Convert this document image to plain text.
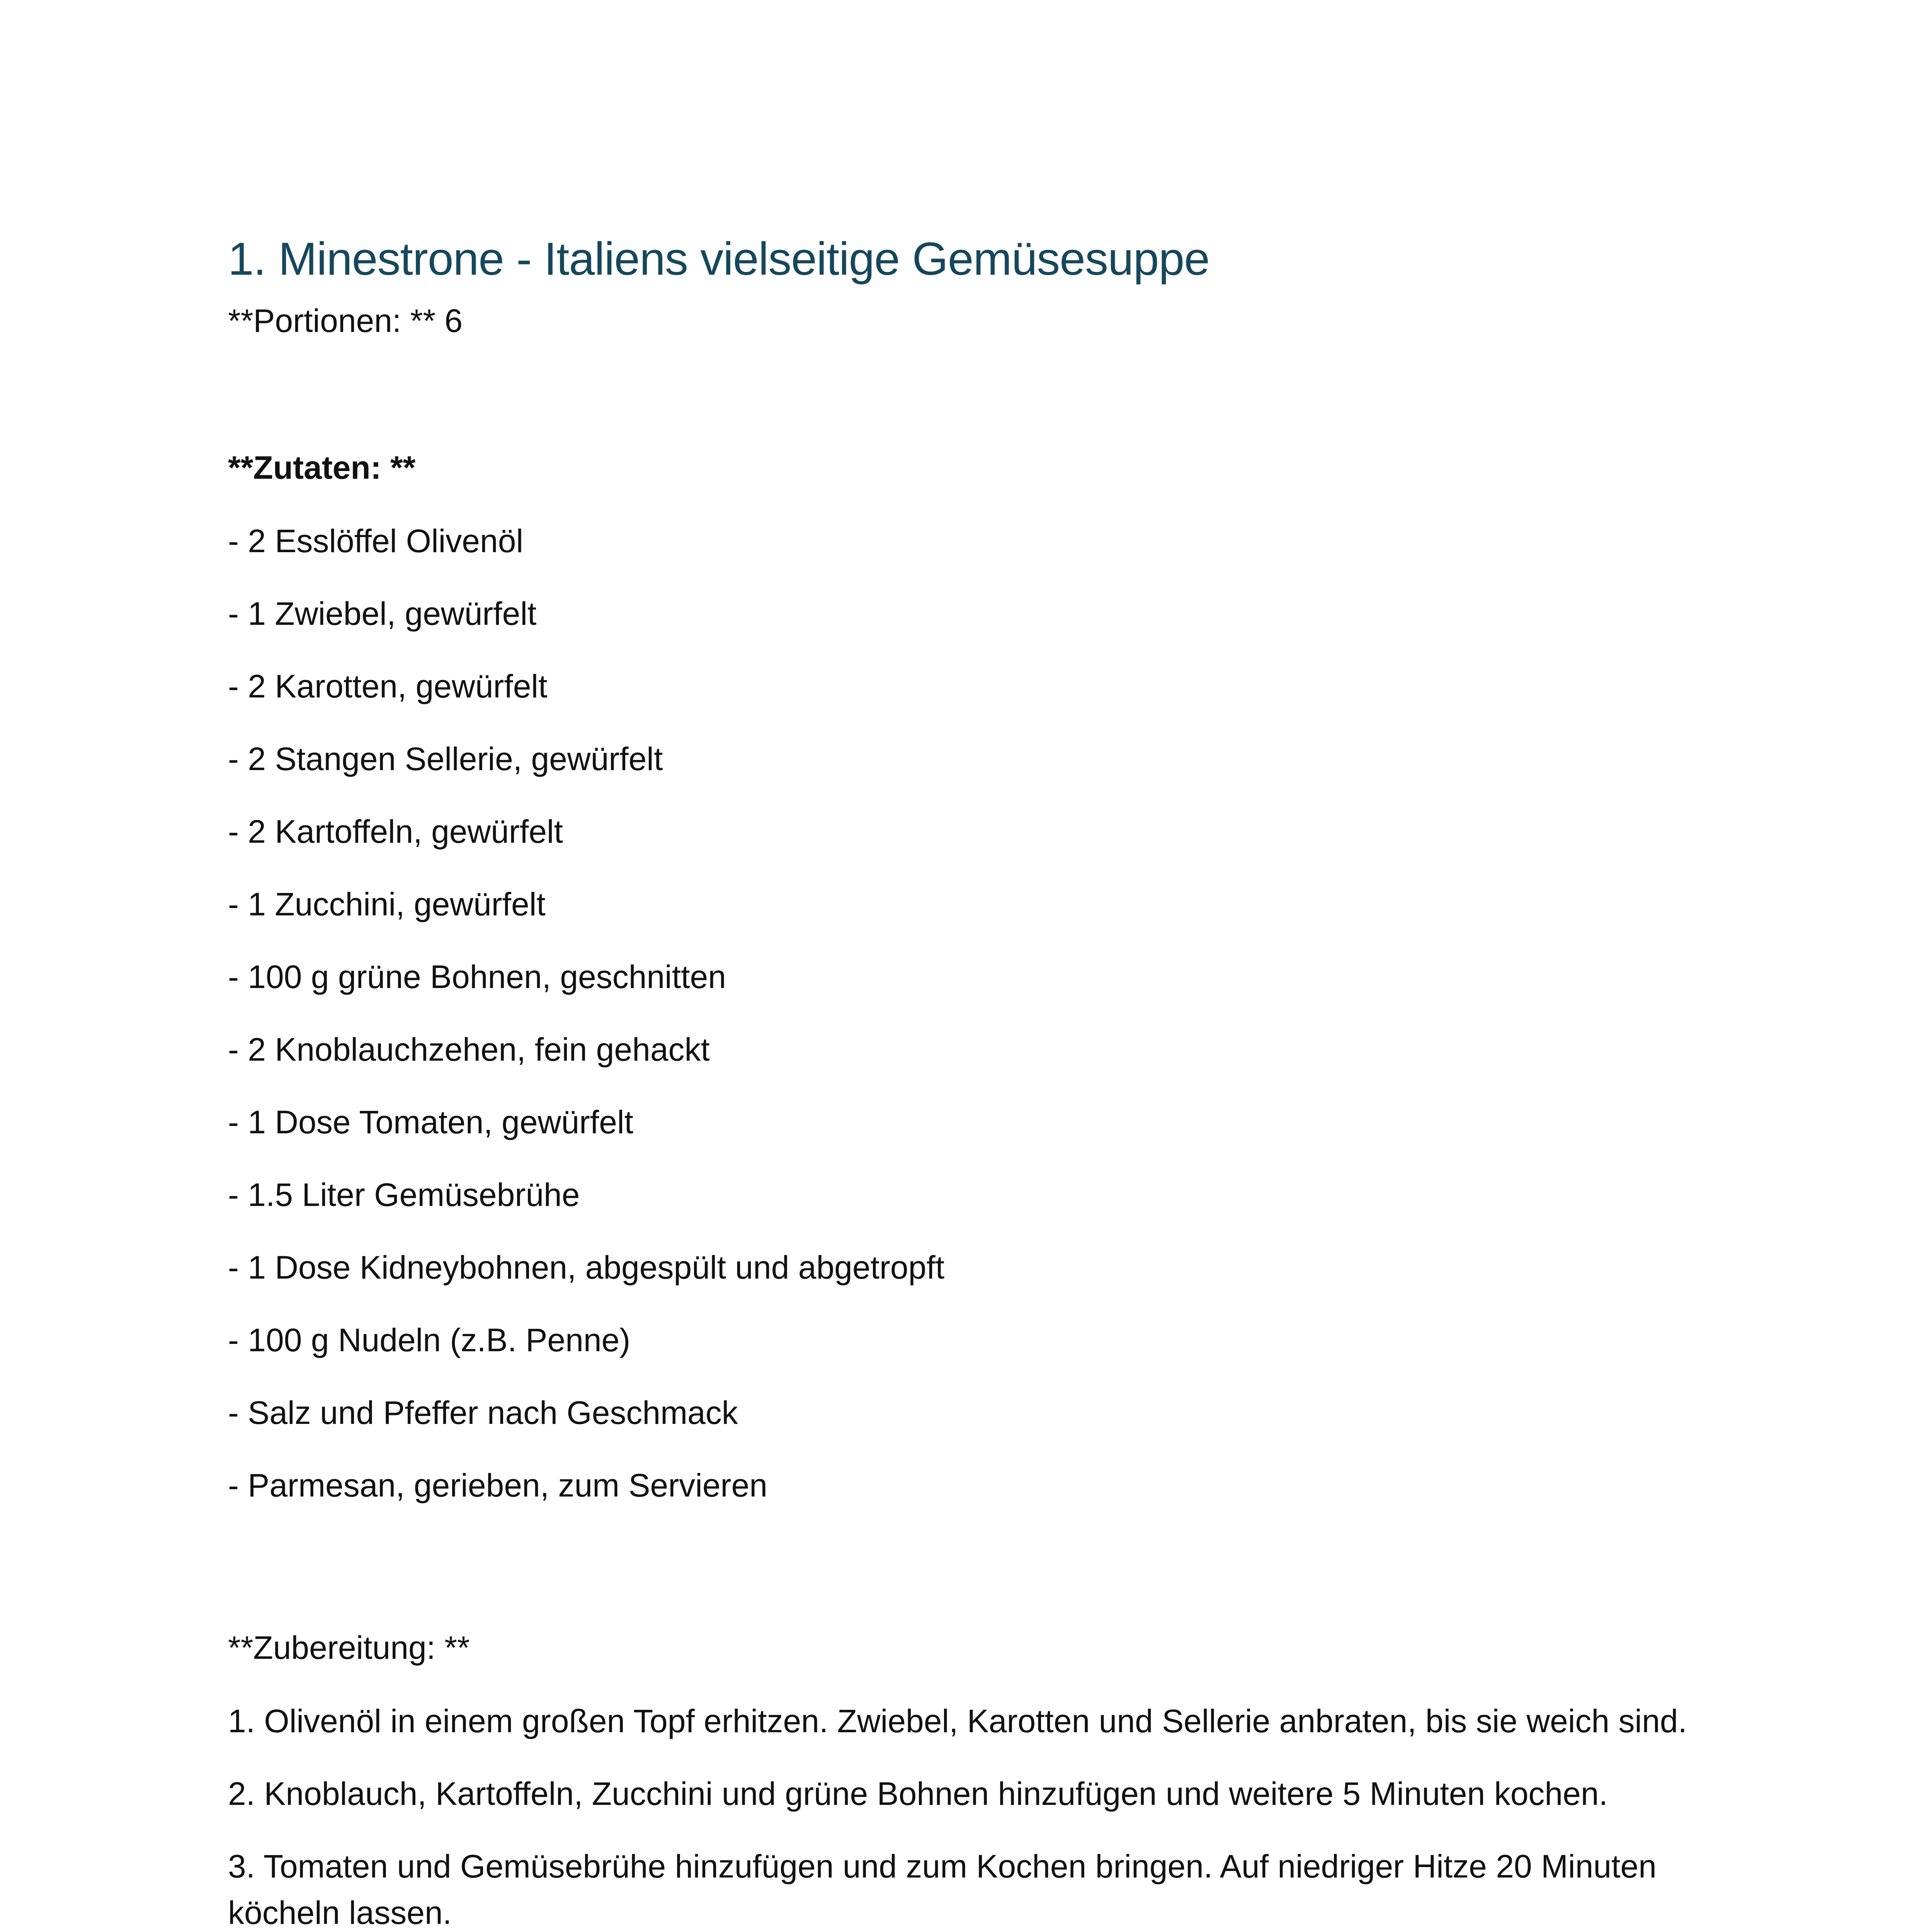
1. Minestrone - Italiens vielseitige Gemüsesuppe

**Portionen: ** 6

**Zutaten: **

- 2 Esslöffel Olivenöl
- 1 Zwiebel, gewürfelt
- 2 Karotten, gewürfelt
- 2 Stangen Sellerie, gewürfelt
- 2 Kartoffeln, gewürfelt
- 1 Zucchini, gewürfelt
- 100 g grüne Bohnen, geschnitten
- 2 Knoblauchzehen, fein gehackt
- 1 Dose Tomaten, gewürfelt
- 1.5 Liter Gemüsebrühe
- 1 Dose Kidneybohnen, abgespült und abgetropft
- 100 g Nudeln (z.B. Penne)
- Salz und Pfeffer nach Geschmack
- Parmesan, gerieben, zum Servieren

**Zubereitung: **

1. Olivenöl in einem großen Topf erhitzen. Zwiebel, Karotten und Sellerie anbraten, bis sie weich sind.
2. Knoblauch, Kartoffeln, Zucchini und grüne Bohnen hinzufügen und weitere 5 Minuten kochen.
3. Tomaten und Gemüsebrühe hinzufügen und zum Kochen bringen. Auf niedriger Hitze 20 Minuten köcheln lassen.
